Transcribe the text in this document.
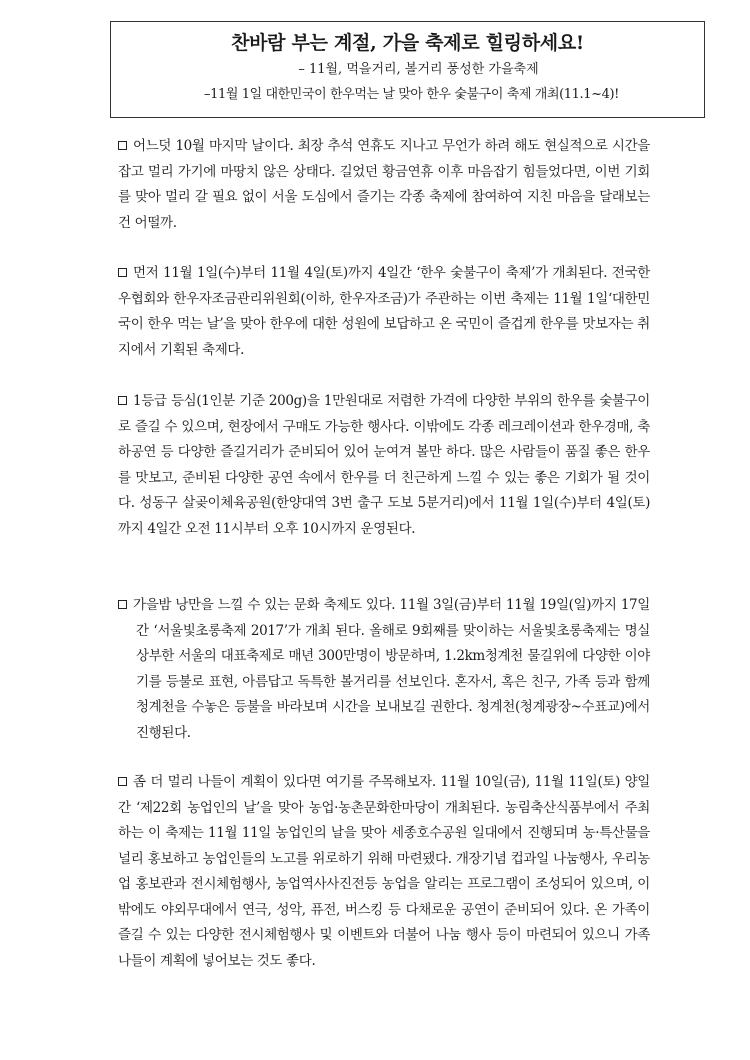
찬바람 부는 계절, 가을 축제로 힐링하세요!
– 11월, 먹을거리, 볼거리 풍성한 가을축제
–11월 1일 대한민국이 한우먹는 날 맞아 한우 숯불구이 축제 개최(11.1~4)!

어느덧 10월 마지막 날이다. 최장 추석 연휴도 지나고 무언가 하려 해도 현실적으로 시간을 잡고 멀리 가기에 마땅치 않은 상태다. 길었던 황금연휴 이후 마음잡기 힘들었다면, 이번 기회를 맞아 멀리 갈 필요 없이 서울 도심에서 즐기는 각종 축제에 참여하여 지친 마음을 달래보는 건 어떨까.

먼저 11월 1일(수)부터 11월 4일(토)까지 4일간 ‘한우 숯불구이 축제’가 개최된다. 전국한우협회와 한우자조금관리위원회(이하, 한우자조금)가 주관하는 이번 축제는 11월 1일‘대한민국이 한우 먹는 날’을 맞아 한우에 대한 성원에 보답하고 온 국민이 즐겁게 한우를 맛보자는 취지에서 기획된 축제다.

1등급 등심(1인분 기준 200g)을 1만원대로 저렴한 가격에 다양한 부위의 한우를 숯불구이로 즐길 수 있으며, 현장에서 구매도 가능한 행사다. 이밖에도 각종 레크레이션과 한우경매, 축하공연 등 다양한 즐길거리가 준비되어 있어 눈여겨 볼만 하다. 많은 사람들이 품질 좋은 한우를 맛보고, 준비된 다양한 공연 속에서 한우를 더 친근하게 느낄 수 있는 좋은 기회가 될 것이다. 성동구 살곶이체육공원(한양대역 3번 출구 도보 5분거리)에서 11월 1일(수)부터 4일(토)까지 4일간 오전 11시부터 오후 10시까지 운영된다.

가을밤 낭만을 느낄 수 있는 문화 축제도 있다. 11월 3일(금)부터 11월 19일(일)까지 17일간 ‘서울빛초롱축제 2017’가 개최 된다. 올해로 9회째를 맞이하는 서울빛초롱축제는 명실상부한 서울의 대표축제로 매년 300만명이 방문하며, 1.2km청계천 물길위에 다양한 이야기를 등불로 표현, 아름답고 독특한 볼거리를 선보인다. 혼자서, 혹은 친구, 가족 등과 함께 청계천을 수놓은 등불을 바라보며 시간을 보내보길 권한다. 청계천(청계광장~수표교)에서 진행된다.

좀 더 멀리 나들이 계획이 있다면 여기를 주목해보자. 11월 10일(금), 11월 11일(토) 양일간 ‘제22회 농업인의 날’을 맞아 농업·농촌문화한마당이 개최된다. 농림축산식품부에서 주최하는 이 축제는 11월 11일 농업인의 날을 맞아 세종호수공원 일대에서 진행되며 농·특산물을 널리 홍보하고 농업인들의 노고를 위로하기 위해 마련됐다. 개장기념 컵과일 나눔행사, 우리농업 홍보관과 전시체험행사, 농업역사사진전등 농업을 알리는 프로그램이 조성되어 있으며, 이 밖에도 야외무대에서 연극, 성악, 퓨전, 버스킹 등 다채로운 공연이 준비되어 있다. 온 가족이 즐길 수 있는 다양한 전시체험행사 및 이벤트와 더불어 나눔 행사 등이 마련되어 있으니 가족 나들이 계획에 넣어보는 것도 좋다.
